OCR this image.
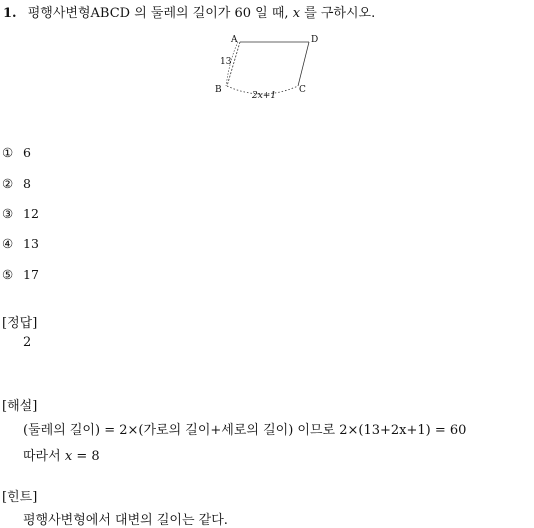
1. 평행사변형ABCD 의 둘레의 길이가 60 일 때, x 를 구하시오.
A	D
B	C
13
2x+1
① 6
② 8
③ 12
④ 13
⑤ 17
[정답]
2
[해설]
(둘레의 길이) = 2×(가로의 길이+세로의 길이) 이므로 2×(13+2x+1) = 60
따라서 x = 8
[힌트]
평행사변형에서 대변의 길이는 같다.
